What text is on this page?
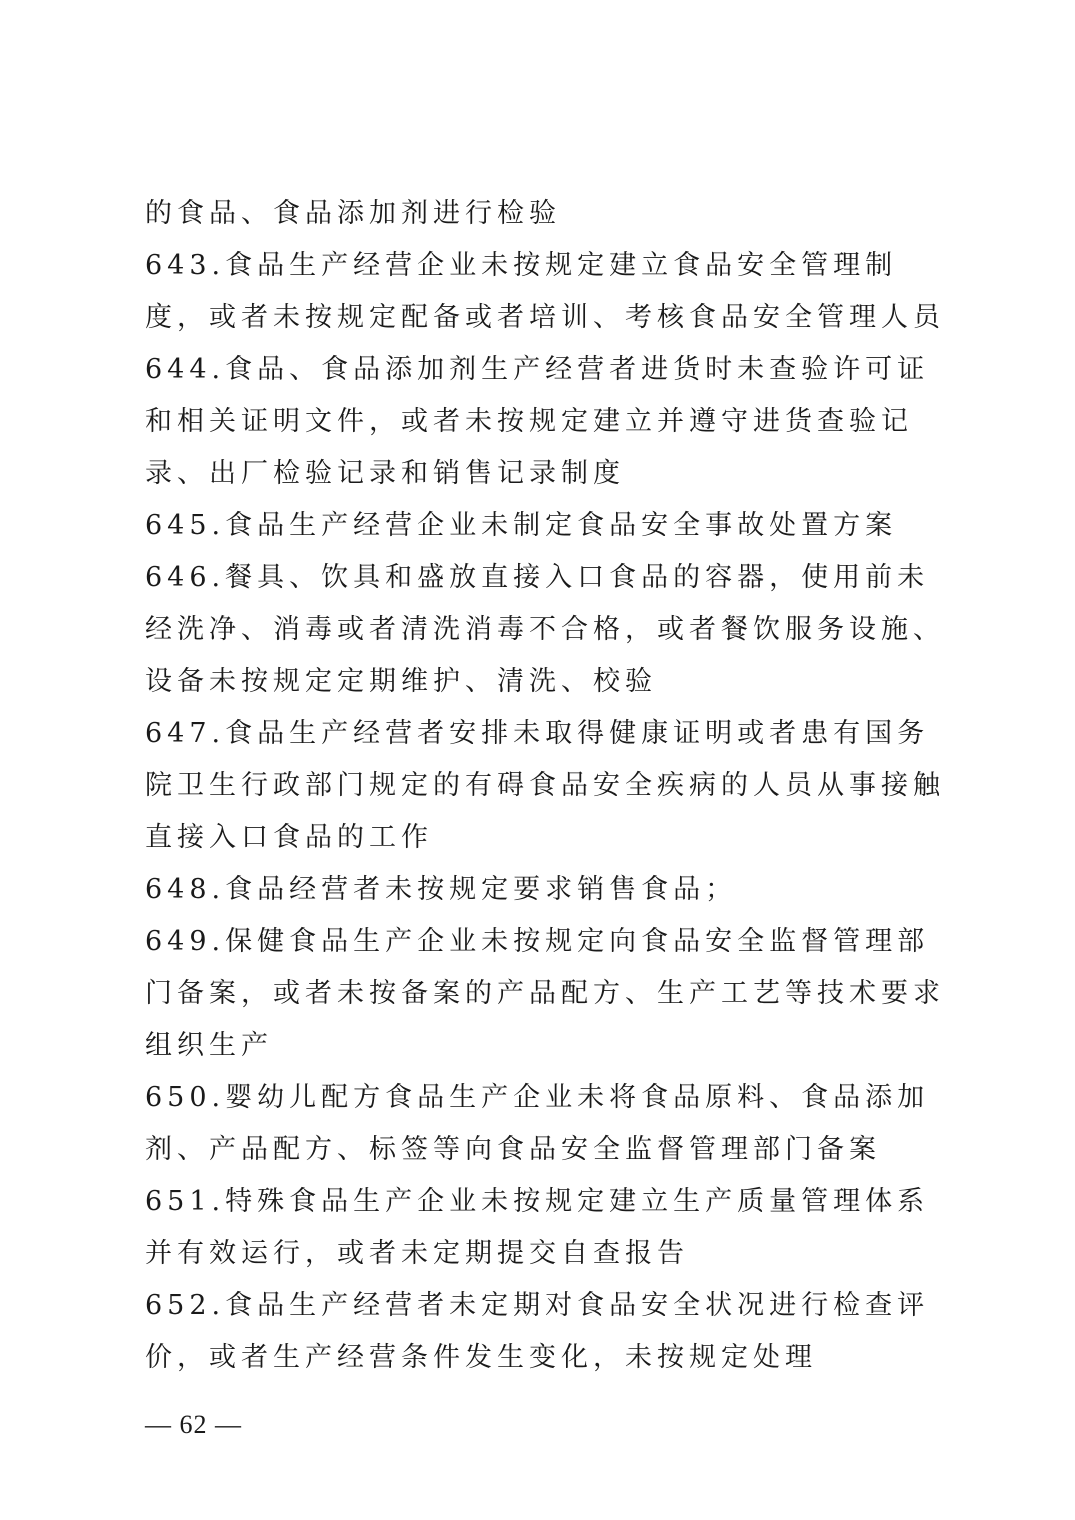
的食品、食品添加剂进行检验

643.食品生产经营企业未按规定建立食品安全管理制度，或者未按规定配备或者培训、考核食品安全管理人员

644.食品、食品添加剂生产经营者进货时未查验许可证和相关证明文件，或者未按规定建立并遵守进货查验记录、出厂检验记录和销售记录制度

645.食品生产经营企业未制定食品安全事故处置方案

646.餐具、饮具和盛放直接入口食品的容器，使用前未经洗净、消毒或者清洗消毒不合格，或者餐饮服务设施、设备未按规定定期维护、清洗、校验

647.食品生产经营者安排未取得健康证明或者患有国务院卫生行政部门规定的有碍食品安全疾病的人员从事接触直接入口食品的工作

648.食品经营者未按规定要求销售食品；

649.保健食品生产企业未按规定向食品安全监督管理部门备案，或者未按备案的产品配方、生产工艺等技术要求组织生产

650.婴幼儿配方食品生产企业未将食品原料、食品添加剂、产品配方、标签等向食品安全监督管理部门备案

651.特殊食品生产企业未按规定建立生产质量管理体系并有效运行，或者未定期提交自查报告

652.食品生产经营者未定期对食品安全状况进行检查评价，或者生产经营条件发生变化，未按规定处理

— 62 —
